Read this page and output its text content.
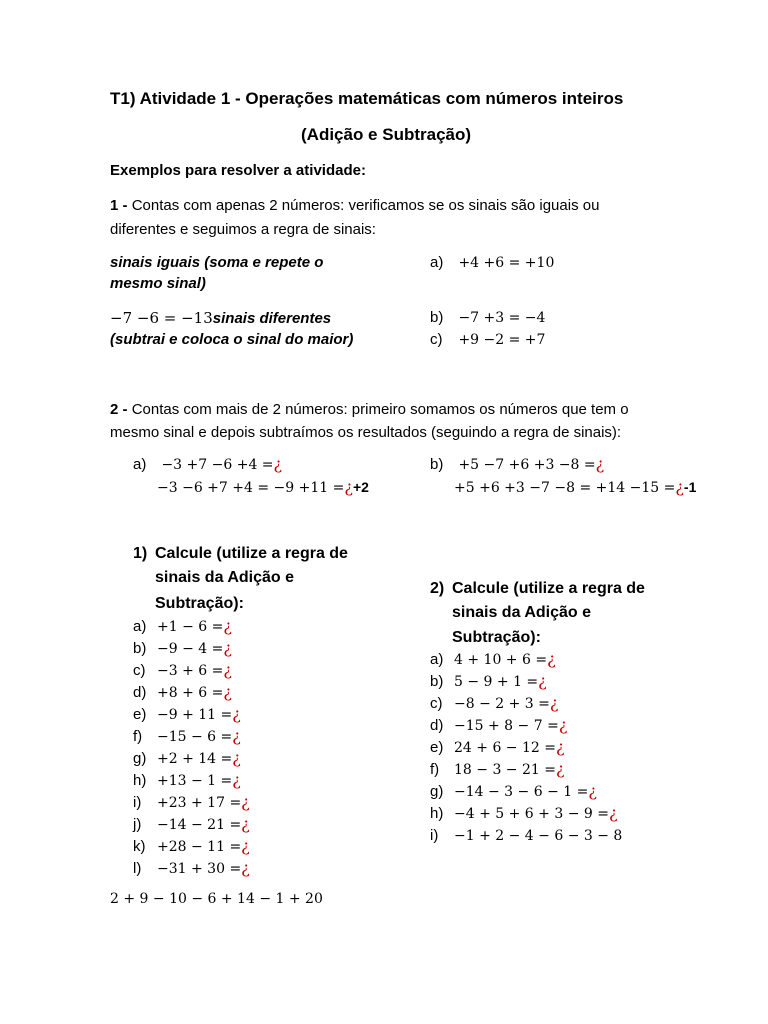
T1) Atividade 1 - Operações matemáticas com números inteiros
(Adição e Subtração)
Exemplos para resolver a atividade:
1 - Contas com apenas 2 números: verificamos se os sinais são iguais ou
diferentes e seguimos a regra de sinais:
sinais iguais (soma e repete o
mesmo sinal)
−7 −6 = −13sinais diferentes
(subtrai e coloca o sinal do maior)
a) +4 +6 = +10
b) −7 +3 = −4
c) +9 −2 = +7
2 - Contas com mais de 2 números: primeiro somamos os números que tem o
mesmo sinal e depois subtraímos os resultados (seguindo a regra de sinais):
a) −3 +7 −6 +4 =¿
−3 −6 +7 +4 = −9 +11 =¿+2
b) +5 −7 +6 +3 −8 =¿
+5 +6 +3 −7 −8 = +14 −15 =¿-1
1) Calcule (utilize a regra de
sinais da Adição e
Subtração):
a) +1 − 6 =¿
b) −9 − 4 =¿
c) −3 + 6 =¿
d) +8 + 6 =¿
e) −9 + 11 =¿
f) −15 − 6 =¿
g) +2 + 14 =¿
h) +13 − 1 =¿
i) +23 + 17 =¿
j) −14 − 21 =¿
k) +28 − 11 =¿
l) −31 + 30 =¿
2) Calcule (utilize a regra de
sinais da Adição e
Subtração):
a) 4 + 10 + 6 =¿
b) 5 − 9 + 1 =¿
c) −8 − 2 + 3 =¿
d) −15 + 8 − 7 =¿
e) 24 + 6 − 12 =¿
f) 18 − 3 − 21 =¿
g) −14 − 3 − 6 − 1 =¿
h) −4 + 5 + 6 + 3 − 9 =¿
i) −1 + 2 − 4 − 6 − 3 − 8
2 + 9 − 10 − 6 + 14 − 1 + 20
